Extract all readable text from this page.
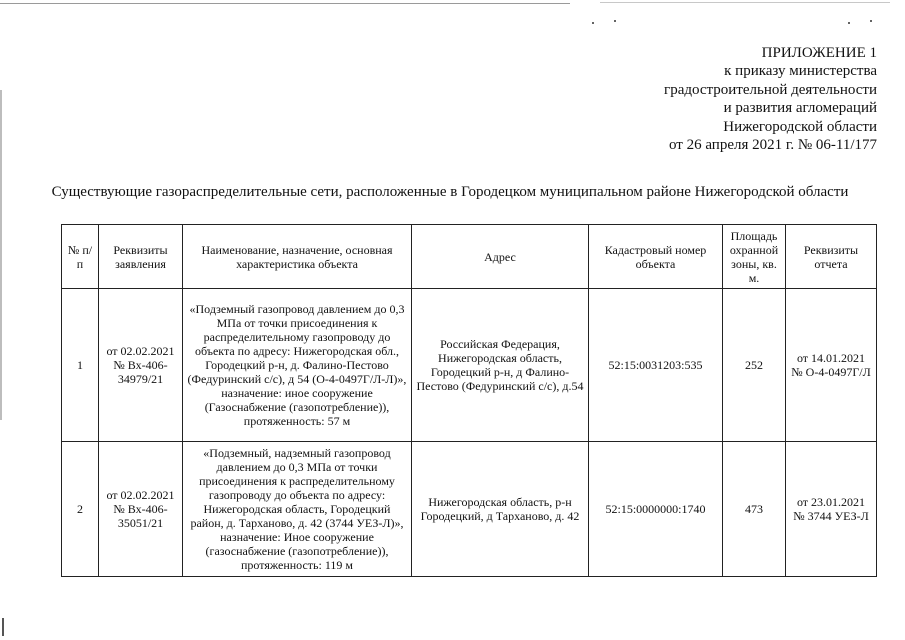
ПРИЛОЖЕНИЕ 1
к приказу министерства
градостроительной деятельности
и развития агломераций
Нижегородской области
от 26 апреля 2021 г. № 06-11/177
Существующие газораспределительные сети, расположенные в Городецком муниципальном районе Нижегородской области
№ п/п	Реквизиты заявления	Наименование, назначение, основная характеристика объекта	Адрес	Кадастровый номер объекта	Площадь охранной зоны, кв. м.	Реквизиты отчета
1	от 02.02.2021 № Вх-406-34979/21	«Подземный газопровод давлением до 0,3 МПа от точки присоединения к распределительному газопроводу до объекта по адресу: Нижегородская обл., Городецкий р-н, д. Фалино-Пестово (Федуринский с/с), д 54 (О-4-0497Г/Л-Л)», назначение: иное сооружение (Газоснабжение (газопотребление)), протяженность: 57 м	Российская Федерация, Нижегородская область, Городецкий р-н, д Фалино-Пестово (Федуринский с/с), д.54	52:15:0031203:535	252	от 14.01.2021 № О-4-0497Г/Л
2	от 02.02.2021 № Вх-406-35051/21	«Подземный, надземный газопровод давлением до 0,3 МПа от точки присоединения к распределительному газопроводу до объекта по адресу: Нижегородская область, Городецкий район, д. Тарханово, д. 42 (3744 УЕЗ-Л)», назначение: Иное сооружение (газоснабжение (газопотребление)), протяженность: 119 м	Нижегородская область, р-н Городецкий, д Тарханово, д. 42	52:15:0000000:1740	473	от 23.01.2021 № 3744 УЕЗ-Л
